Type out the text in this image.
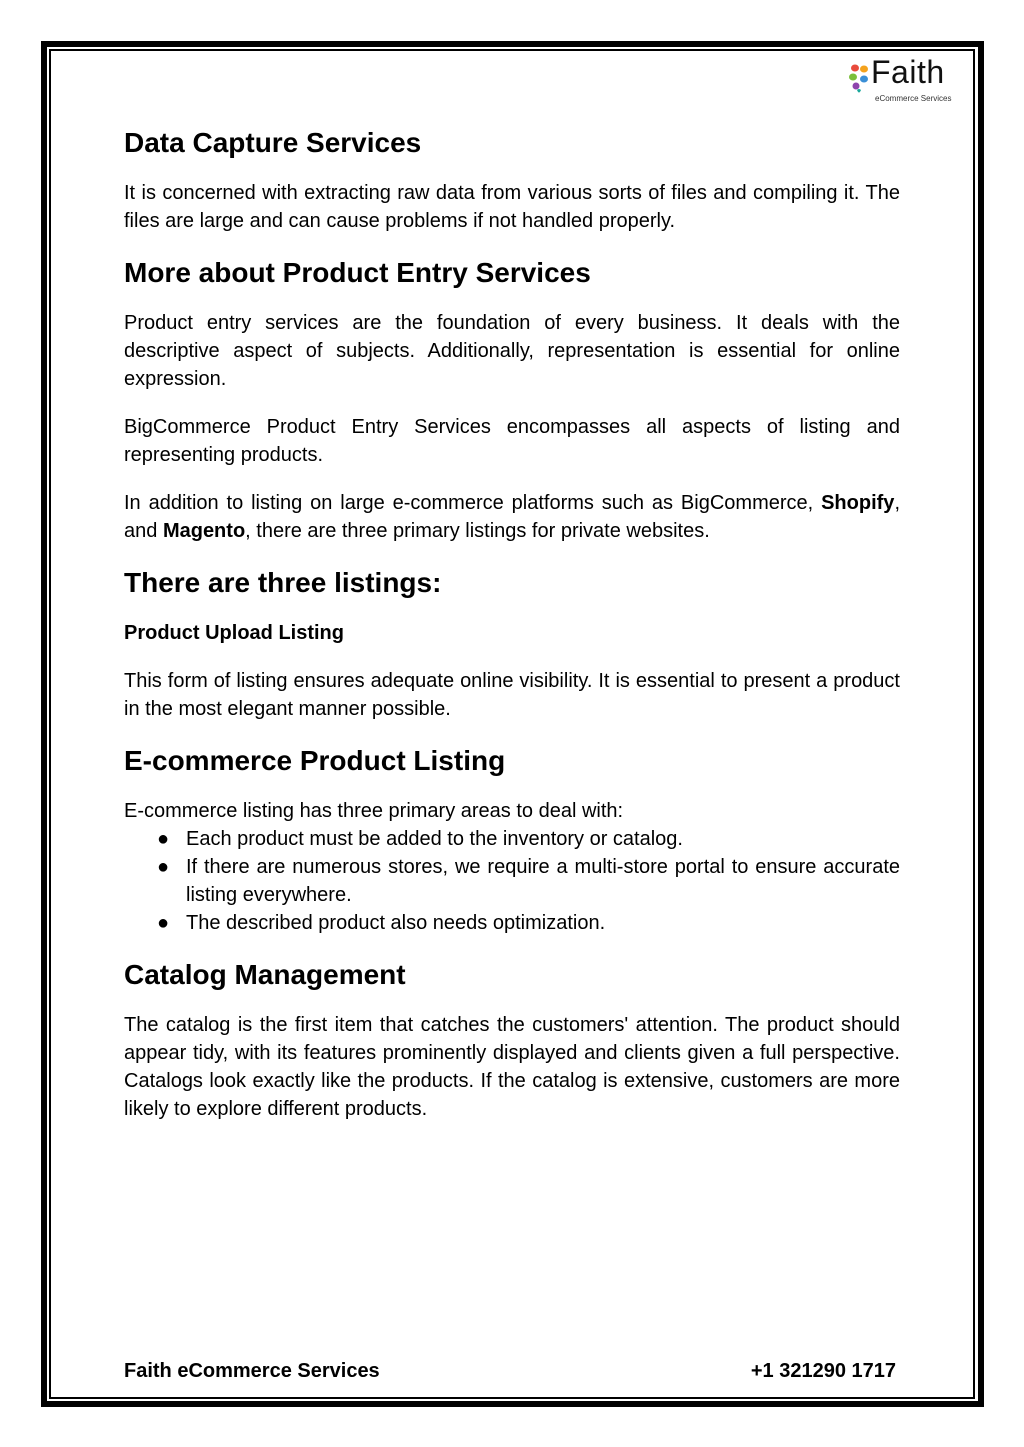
Faith
eCommerce Services
Data Capture Services

It is concerned with extracting raw data from various sorts of files and compiling it. The files are large and can cause problems if not handled properly.

More about Product Entry Services

Product entry services are the foundation of every business. It deals with the descriptive aspect of subjects. Additionally, representation is essential for online expression.

BigCommerce Product Entry Services encompasses all aspects of listing and representing products.

In addition to listing on large e-commerce platforms such as BigCommerce, Shopify, and Magento, there are three primary listings for private websites.

There are three listings:
Product Upload Listing

This form of listing ensures adequate online visibility. It is essential to present a product in the most elegant manner possible.

E-commerce Product Listing

E-commerce listing has three primary areas to deal with:

● Each product must be added to the inventory or catalog.
● If there are numerous stores, we require a multi-store portal to ensure accurate listing everywhere.
● The described product also needs optimization.
Catalog Management

The catalog is the first item that catches the customers' attention. The product should appear tidy, with its features prominently displayed and clients given a full perspective. Catalogs look exactly like the products. If the catalog is extensive, customers are more likely to explore different products.

Faith eCommerce Services	+1 321290 1717
